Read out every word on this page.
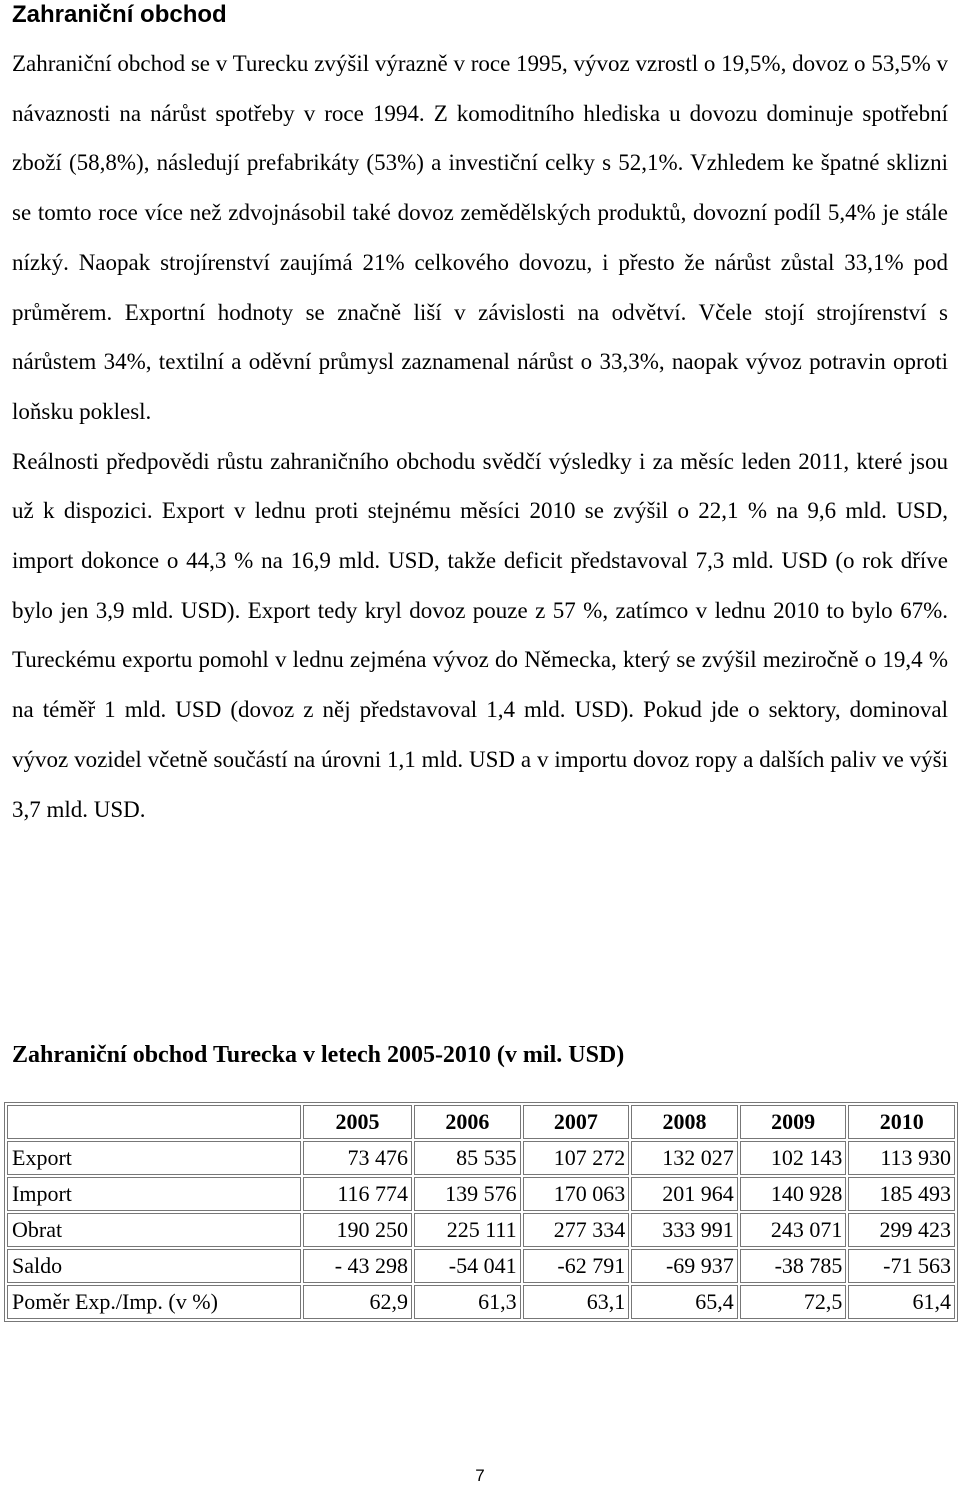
Zahraniční obchod

Zahraniční obchod se v Turecku zvýšil výrazně v roce 1995, vývoz vzrostl o 19,5%, dovoz o 53,5% v návaznosti na nárůst spotřeby v roce 1994. Z komoditního hlediska u dovozu dominuje spotřební zboží (58,8%), následují prefabrikáty (53%) a investiční celky s 52,1%. Vzhledem ke špatné sklizni se tomto roce více než zdvojnásobil také dovoz zemědělských produktů, dovozní podíl 5,4% je stále nízký. Naopak strojírenství zaujímá 21% celkového dovozu, i přesto že nárůst zůstal 33,1% pod průměrem. Exportní hodnoty se značně liší v závislosti na odvětví. Včele stojí strojírenství s nárůstem 34%, textilní a oděvní průmysl zaznamenal nárůst o 33,3%, naopak vývoz potravin oproti loňsku poklesl.

Reálnosti předpovědi růstu zahraničního obchodu svědčí výsledky i za měsíc leden 2011, které jsou už k dispozici. Export v lednu proti stejnému měsíci 2010 se zvýšil o 22,1 % na 9,6 mld. USD, import dokonce o 44,3 % na 16,9 mld. USD, takže deficit představoval 7,3 mld. USD (o rok dříve bylo jen 3,9 mld. USD). Export tedy kryl dovoz pouze z 57 %, zatímco v lednu 2010 to bylo 67%. Tureckému exportu pomohl v lednu zejména vývoz do Německa, který se zvýšil meziročně o 19,4 % na téměř 1 mld. USD (dovoz z něj představoval 1,4 mld. USD). Pokud jde o sektory, dominoval vývoz vozidel včetně součástí na úrovni 1,1 mld. USD a v importu dovoz ropy a dalších paliv ve výši 3,7 mld. USD.

Zahraniční obchod Turecka v letech 2005‑2010 (v mil. USD)
	2005	2006	2007	2008	2009	2010
Export	73 476	85 535	107 272	132 027	102 143	113 930
Import	116 774	139 576	170 063	201 964	140 928	185 493
Obrat	190 250	225 111	277 334	333 991	243 071	299 423
Saldo	- 43 298	-54 041	-62 791	-69 937	-38 785	-71 563
Poměr Exp./Imp. (v %)	62,9	61,3	63,1	65,4	72,5	61,4
7
